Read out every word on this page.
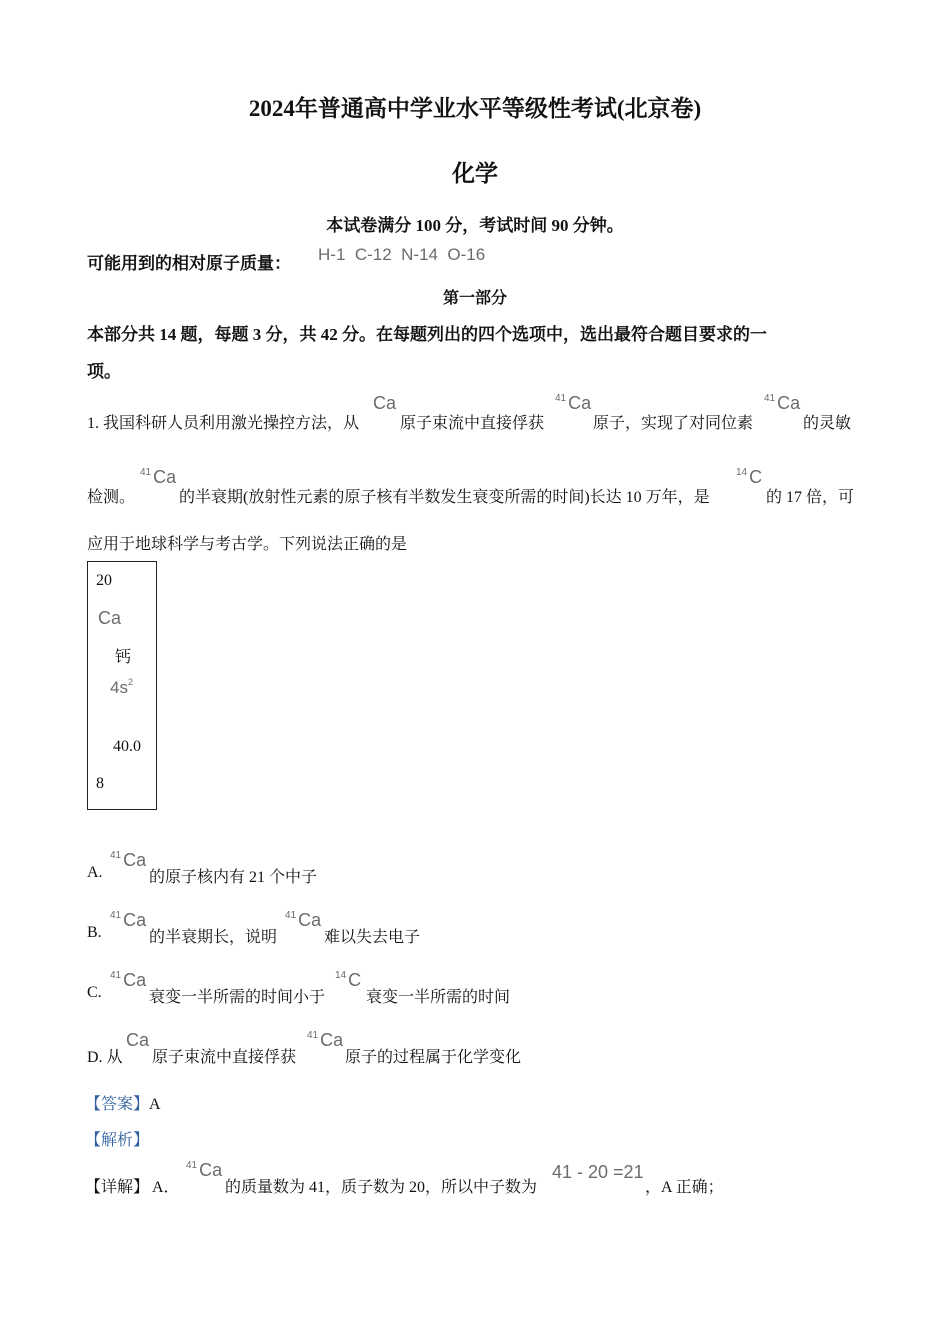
2024年普通高中学业水平等级性考试(北京卷)
化学
本试卷满分 100 分，考试时间 90 分钟。
可能用到的相对原子质量： H-1  C-12  N-14  O-16
第一部分
本部分共 14 题，每题 3 分，共 42 分。在每题列出的四个选项中，选出最符合题目要求的一
项。
1. 我国科研人员利用激光操控方法，从
Ca
原子束流中直接俘获
$^{41}$ Ca
原子，实现了对同位素
$^{41}$ Ca
的灵敏
检测。
$^{41}$ Ca
的半衰期(放射性元素的原子核有半数发生衰变所需的时间)长达 10 万年，是
$^{14}$ C
的 17 倍，可
应用于地球科学与考古学。下列说法正确的是
20
Ca
钙
$4s^2$
40.0
8
A.
$^{41}$ Ca
的原子核内有 21 个中子
B.
$^{41}$ Ca
的半衰期长，说明
$^{41}$ Ca
难以失去电子
C.
$^{41}$ Ca
衰变一半所需的时间小于
$^{14}$ C
衰变一半所需的时间
D. 从
Ca
原子束流中直接俘获
$^{41}$ Ca
原子的过程属于化学变化
【答案】A
【解析】
【详解】 A．
$^{41}$ Ca
的质量数为 41，质子数为 20，所以中子数为
41 - 20 =21
，A 正确；
